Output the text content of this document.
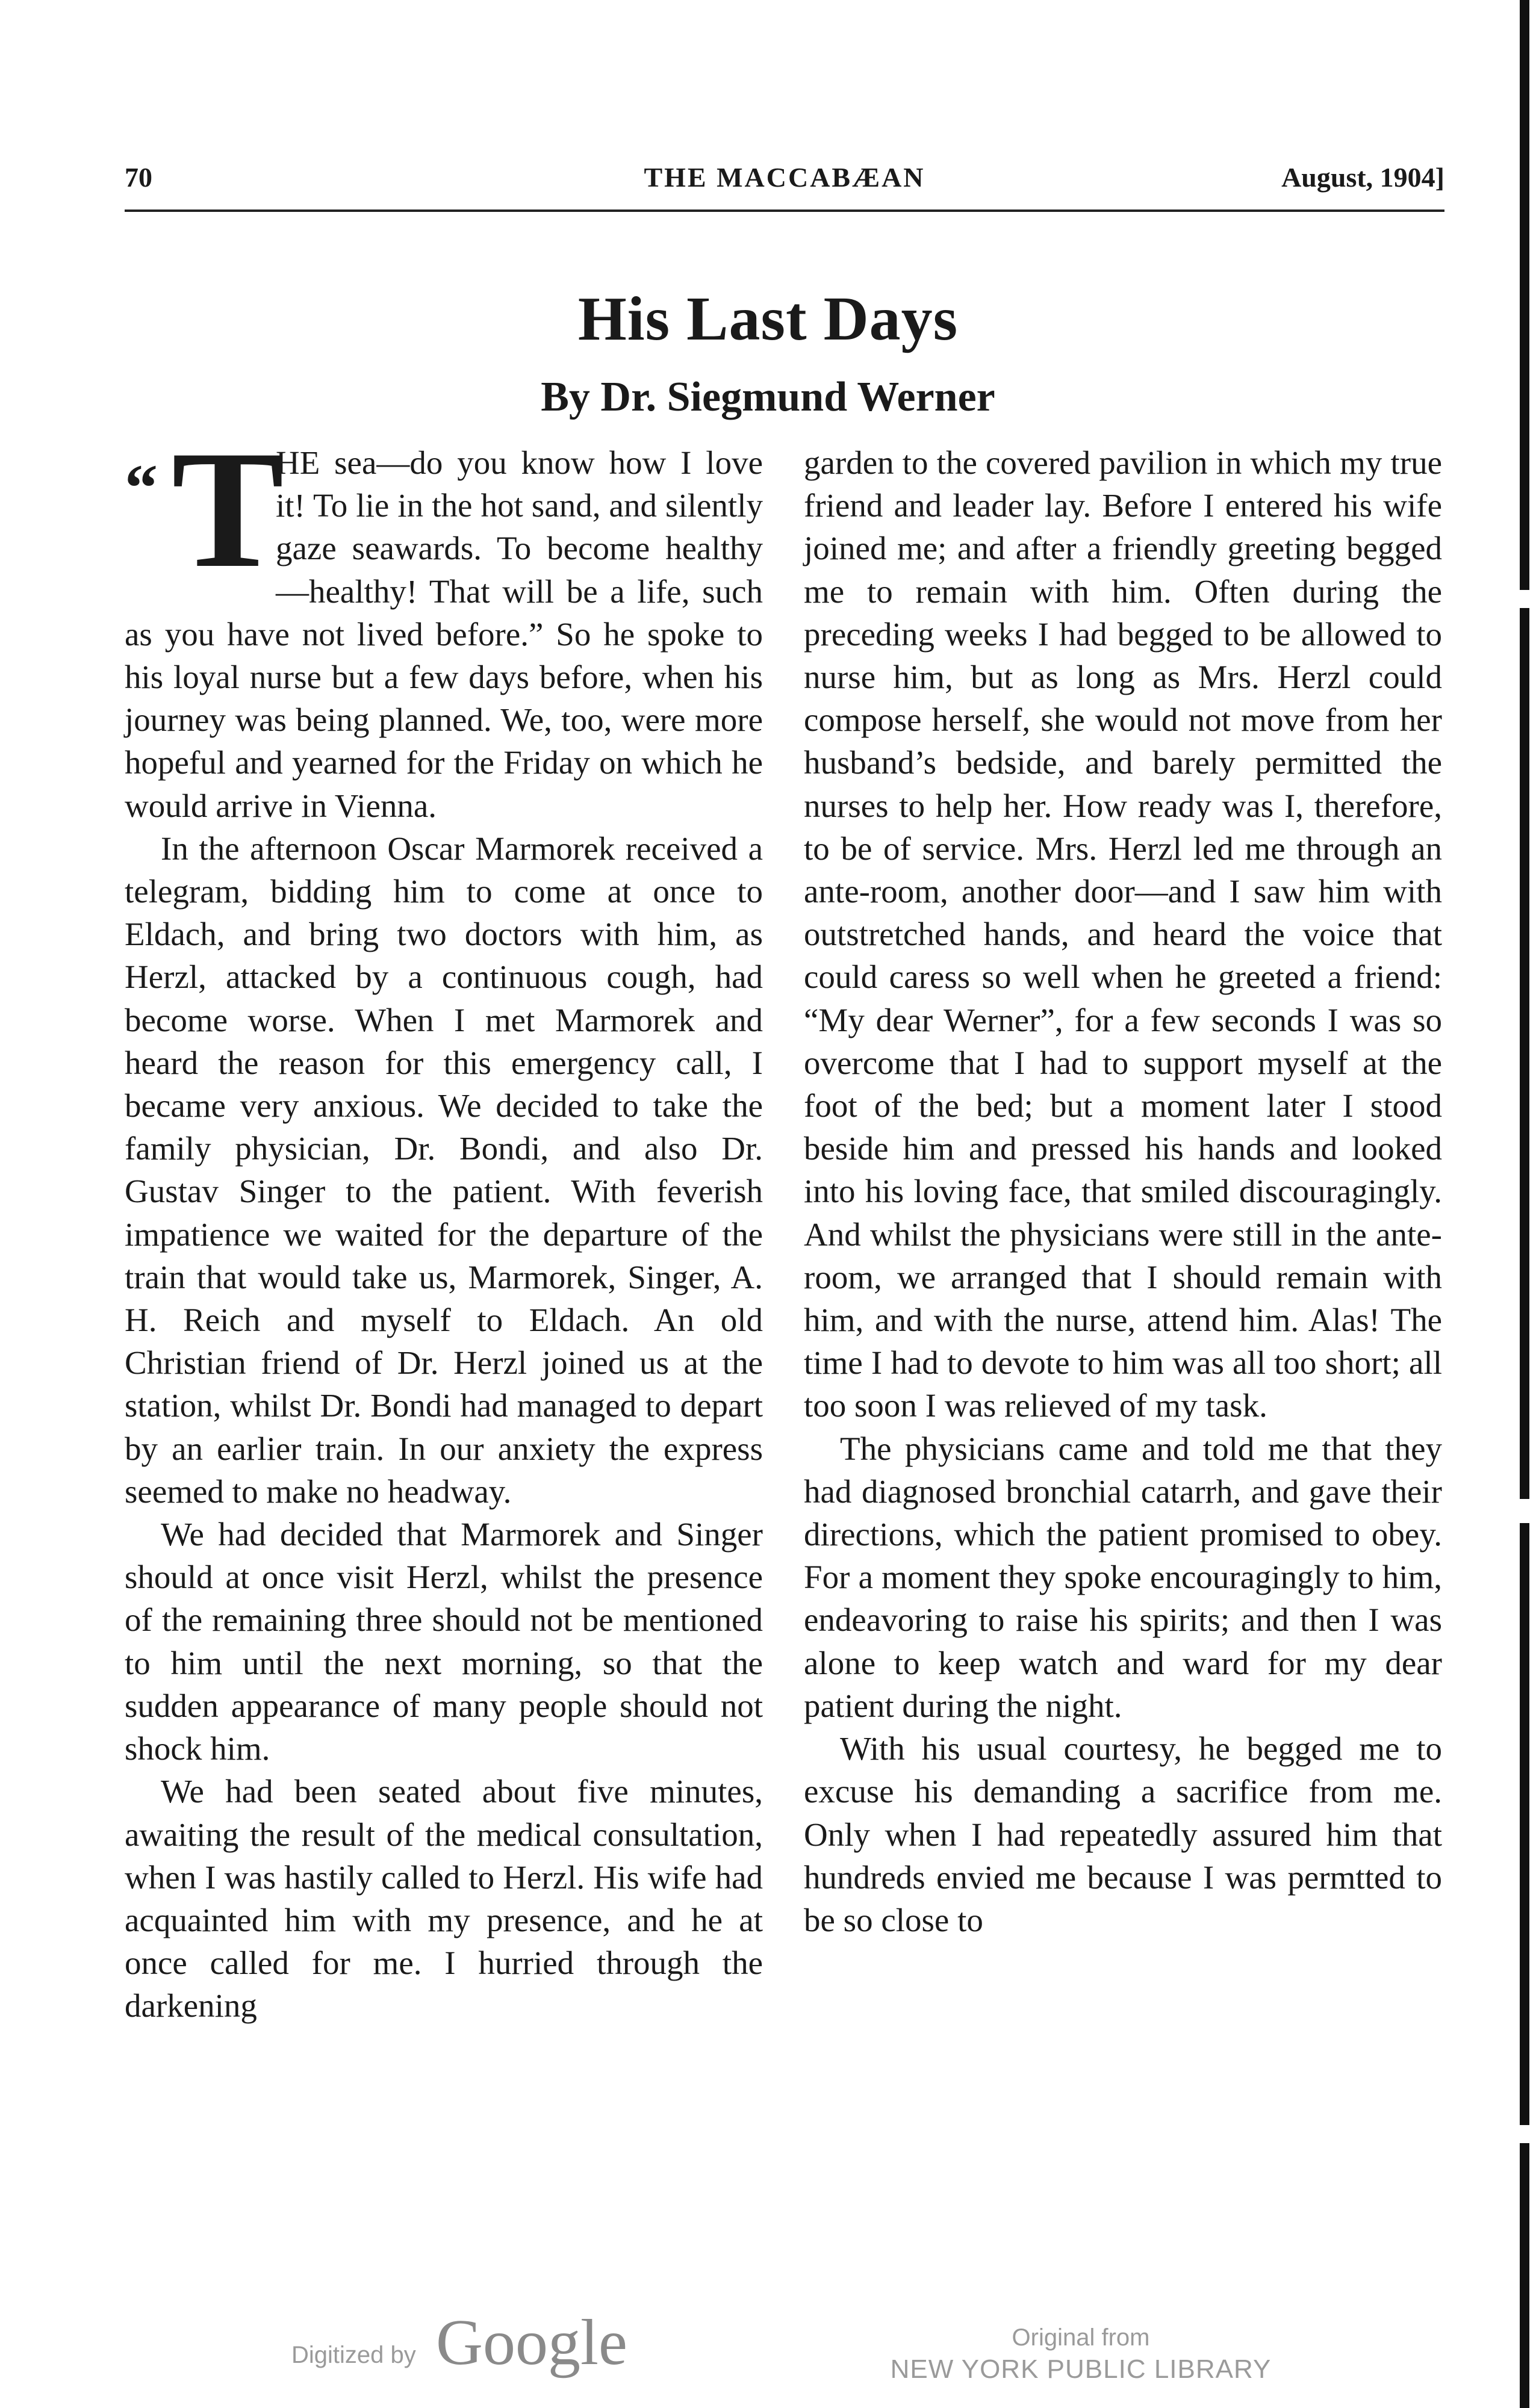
70	THE MACCABÆAN	August, 1904]
His Last Days
By Dr. Siegmund Werner
“ T

HE sea—do you know how I love it! To lie in the hot sand, and silently gaze seawards. To become healthy—healthy! That will be a life, such as you have not lived before.” So he spoke to his loyal nurse but a few days before, when his journey was being planned. We, too, were more hopeful and yearned for the Friday on which he would arrive in Vienna.

In the afternoon Oscar Marmorek received a telegram, bidding him to come at once to Eldach, and bring two doctors with him, as Herzl, attacked by a continuous cough, had become worse. When I met Marmorek and heard the reason for this emergency call, I became very anxious. We decided to take the family physician, Dr. Bondi, and also Dr. Gustav Singer to the patient. With feverish impatience we waited for the departure of the train that would take us, Marmorek, Singer, A. H. Reich and myself to Eldach. An old Christian friend of Dr. Herzl joined us at the station, whilst Dr. Bondi had managed to depart by an earlier train. In our anxiety the express seemed to make no headway.

We had decided that Marmorek and Singer should at once visit Herzl, whilst the presence of the remaining three should not be mentioned to him until the next morning, so that the sudden appearance of many people should not shock him.

We had been seated about five minutes, awaiting the result of the medical consultation, when I was hastily called to Herzl. His wife had acquainted him with my presence, and he at once called for me. I hurried through the darkening

garden to the covered pavilion in which my true friend and leader lay. Before I entered his wife joined me; and after a friendly greeting begged me to remain with him. Often during the preceding weeks I had begged to be allowed to nurse him, but as long as Mrs. Herzl could compose herself, she would not move from her husband’s bedside, and barely permitted the nurses to help her. How ready was I, therefore, to be of service. Mrs. Herzl led me through an ante-room, another door—and I saw him with outstretched hands, and heard the voice that could caress so well when he greeted a friend: “My dear Werner”, for a few seconds I was so overcome that I had to support myself at the foot of the bed; but a moment later I stood beside him and pressed his hands and looked into his loving face, that smiled discouragingly. And whilst the physicians were still in the ante-room, we arranged that I should remain with him, and with the nurse, attend him. Alas! The time I had to devote to him was all too short; all too soon I was relieved of my task.

The physicians came and told me that they had diagnosed bronchial catarrh, and gave their directions, which the patient promised to obey. For a moment they spoke encouragingly to him, endeavoring to raise his spirits; and then I was alone to keep watch and ward for my dear patient during the night.

With his usual courtesy, he begged me to excuse his demanding a sacrifice from me. Only when I had repeatedly assured him that hundreds envied me because I was permtted to be so close to

Digitized by Google	Original from
NEW YORK PUBLIC LIBRARY
